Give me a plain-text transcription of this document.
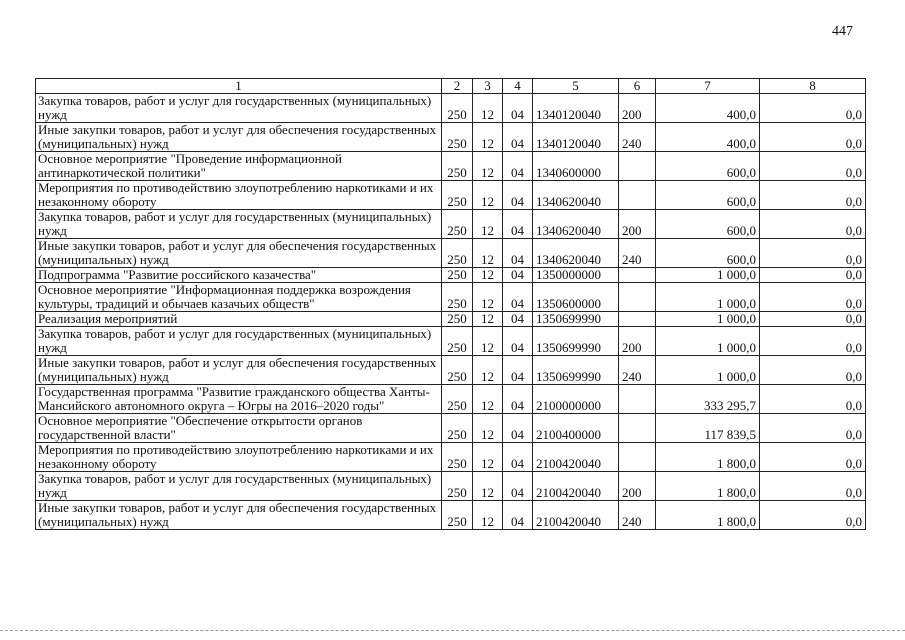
447
1	2	3	4	5	6	7	8
Закупка товаров, работ и услуг для государственных (муниципальных) нужд	250	12	04	1340120040	200	400,0	0,0
Иные закупки товаров, работ и услуг для обеспечения государственных (муниципальных) нужд	250	12	04	1340120040	240	400,0	0,0
Основное мероприятие "Проведение информационной антинаркотической политики"	250	12	04	1340600000		600,0	0,0
Мероприятия по противодействию злоупотреблению наркотиками и их незаконному обороту	250	12	04	1340620040		600,0	0,0
Закупка товаров, работ и услуг для государственных (муниципальных) нужд	250	12	04	1340620040	200	600,0	0,0
Иные закупки товаров, работ и услуг для обеспечения государственных (муниципальных) нужд	250	12	04	1340620040	240	600,0	0,0
Подпрограмма "Развитие российского казачества"	250	12	04	1350000000		1 000,0	0,0
Основное мероприятие "Информационная поддержка возрождения культуры, традиций и обычаев казачьих обществ"	250	12	04	1350600000		1 000,0	0,0
Реализация мероприятий	250	12	04	1350699990		1 000,0	0,0
Закупка товаров, работ и услуг для государственных (муниципальных) нужд	250	12	04	1350699990	200	1 000,0	0,0
Иные закупки товаров, работ и услуг для обеспечения государственных (муниципальных) нужд	250	12	04	1350699990	240	1 000,0	0,0
Государственная программа "Развитие гражданского общества Ханты-Мансийского автономного округа – Югры на 2016–2020 годы"	250	12	04	2100000000		333 295,7	0,0
Основное мероприятие "Обеспечение открытости органов государственной власти"	250	12	04	2100400000		117 839,5	0,0
Мероприятия по противодействию злоупотреблению наркотиками и их незаконному обороту	250	12	04	2100420040		1 800,0	0,0
Закупка товаров, работ и услуг для государственных (муниципальных) нужд	250	12	04	2100420040	200	1 800,0	0,0
Иные закупки товаров, работ и услуг для обеспечения государственных (муниципальных) нужд	250	12	04	2100420040	240	1 800,0	0,0
